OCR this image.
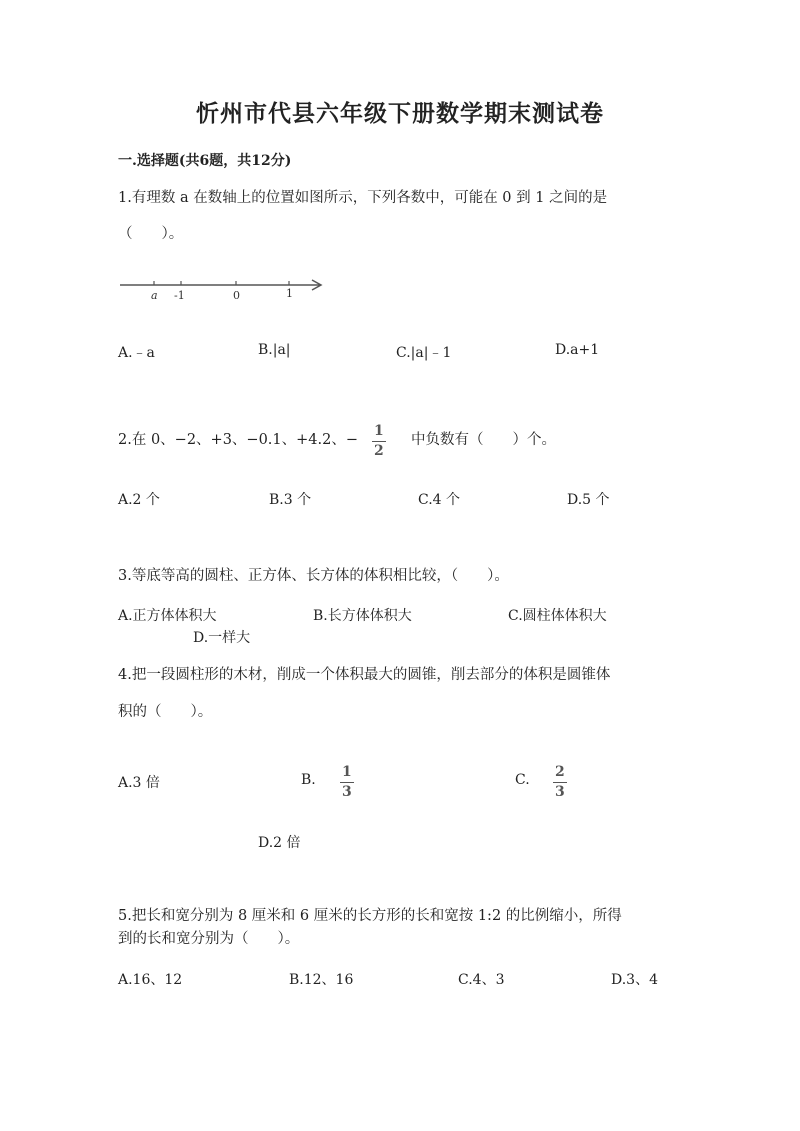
忻州市代县六年级下册数学期末测试卷
一.选择题(共6题，共12分)
1.有理数 a 在数轴上的位置如图所示，下列各数中，可能在 0 到 1 之间的是
（　　）。
a -1	0	1
A.﹣a	B.|a|	C.|a|﹣1	D.a+1
2.在 0、−2、+3、−0.1、+4.2、− $\frac{1}{2}$ 中负数有（　　）个。
A.2 个	B.3 个	C.4 个	D.5 个
3.等底等高的圆柱、正方体、长方体的体积相比较，（　　）。
A.正方体体积大	B.长方体体积大	C.圆柱体体积大
D.一样大
4.把一段圆柱形的木材，削成一个体积最大的圆锥，削去部分的体积是圆锥体
积的（　　）。
A.3 倍	B. $\frac{1}{3}$	C. $\frac{2}{3}$
D.2 倍
5.把长和宽分别为 8 厘米和 6 厘米的长方形的长和宽按 1:2 的比例缩小，所得
到的长和宽分别为（　　）。
A.16、12	B.12、16	C.4、3	D.3、4
